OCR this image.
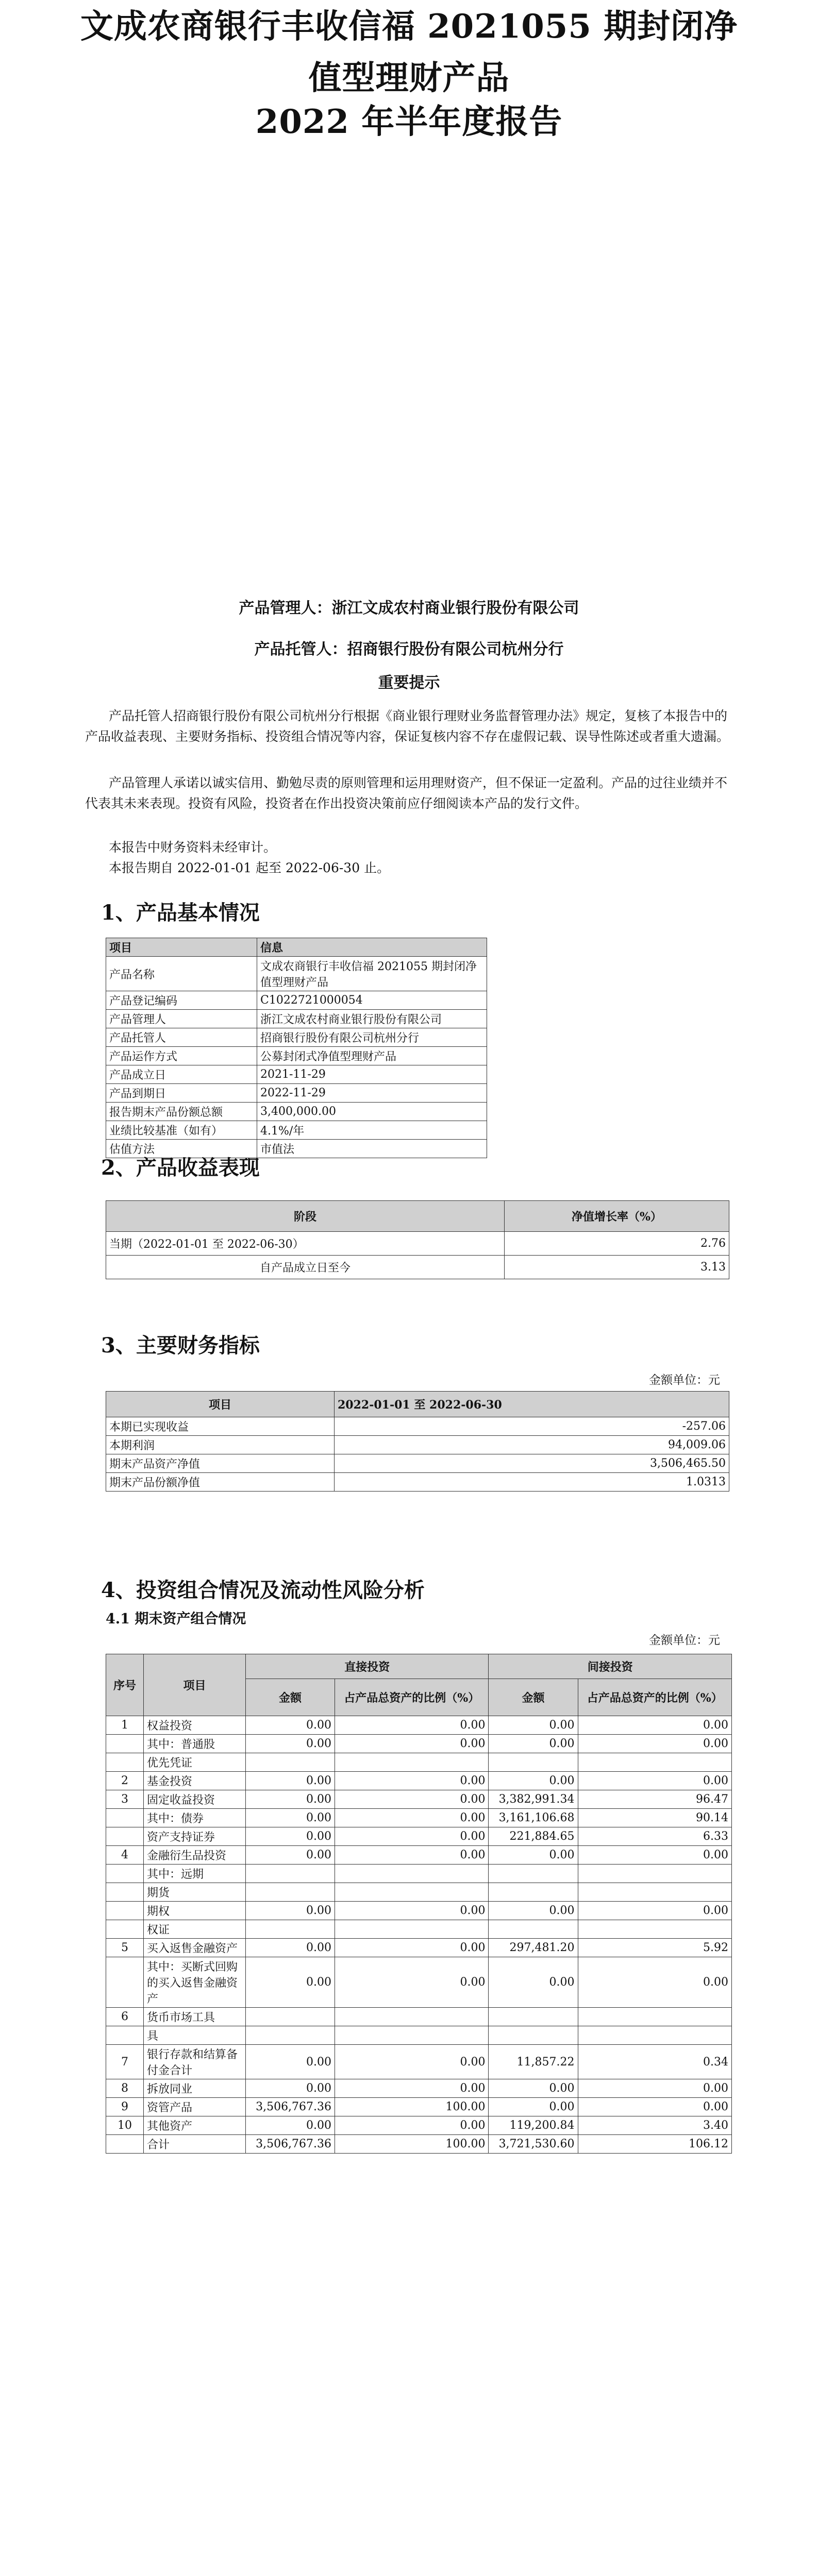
文成农商银行丰收信福 2021055 期封闭净
值型理财产品
2022 年半年度报告
产品管理人：浙江文成农村商业银行股份有限公司
产品托管人：招商银行股份有限公司杭州分行
重要提示

产品托管人招商银行股份有限公司杭州分行根据《商业银行理财业务监督管理办法》规定，复核了本报告中的产品收益表现、主要财务指标、投资组合情况等内容，保证复核内容不存在虚假记载、误导性陈述或者重大遗漏。

产品管理人承诺以诚实信用、勤勉尽责的原则管理和运用理财资产，但不保证一定盈利。产品的过往业绩并不代表其未来表现。投资有风险，投资者在作出投资决策前应仔细阅读本产品的发行文件。

本报告中财务资料未经审计。

本报告期自 2022-01-01 起至 2022-06-30 止。

1、产品基本情况
项目	信息
产品名称	文成农商银行丰收信福 2021055 期封闭净值型理财产品
产品登记编码	C1022721000054
产品管理人	浙江文成农村商业银行股份有限公司
产品托管人	招商银行股份有限公司杭州分行
产品运作方式	公募封闭式净值型理财产品
产品成立日	2021-11-29
产品到期日	2022-11-29
报告期末产品份额总额	3,400,000.00
业绩比较基准（如有）	4.1%/年
估值方法	市值法
2、产品收益表现
阶段	净值增长率（%）
当期（2022-01-01 至 2022-06-30）	2.76
自产品成立日至今	3.13
3、主要财务指标
金额单位：元
项目	2022-01-01 至 2022-06-30
本期已实现收益	-257.06
本期利润	94,009.06
期末产品资产净值	3,506,465.50
期末产品份额净值	1.0313
4、投资组合情况及流动性风险分析
4.1 期末资产组合情况
金额单位：元
序号	项目	直接投资		间接投资	
		金额	占产品总资产的比例（%）	金额	占产品总资产的比例（%）
1	权益投资	0.00	0.00	0.00	0.00
	其中：普通股	0.00	0.00	0.00	0.00
	优先凭证				
2	基金投资	0.00	0.00	0.00	0.00
3	固定收益投资	0.00	0.00	3,382,991.34	96.47
	其中：债券	0.00	0.00	3,161,106.68	90.14
	资产支持证券	0.00	0.00	221,884.65	6.33
4	金融衍生品投资	0.00	0.00	0.00	0.00
	其中：远期				
	期货				
	期权	0.00	0.00	0.00	0.00
	权证				
5	买入返售金融资产	0.00	0.00	297,481.20	5.92
	其中：买断式回购的买入返售金融资产	0.00	0.00	0.00	0.00
6	货币市场工具				
	具				
7	银行存款和结算备付金合计	0.00	0.00	11,857.22	0.34
8	拆放同业	0.00	0.00	0.00	0.00
9	资管产品	3,506,767.36	100.00	0.00	0.00
10	其他资产	0.00	0.00	119,200.84	3.40
	合计	3,506,767.36	100.00	3,721,530.60	106.12
